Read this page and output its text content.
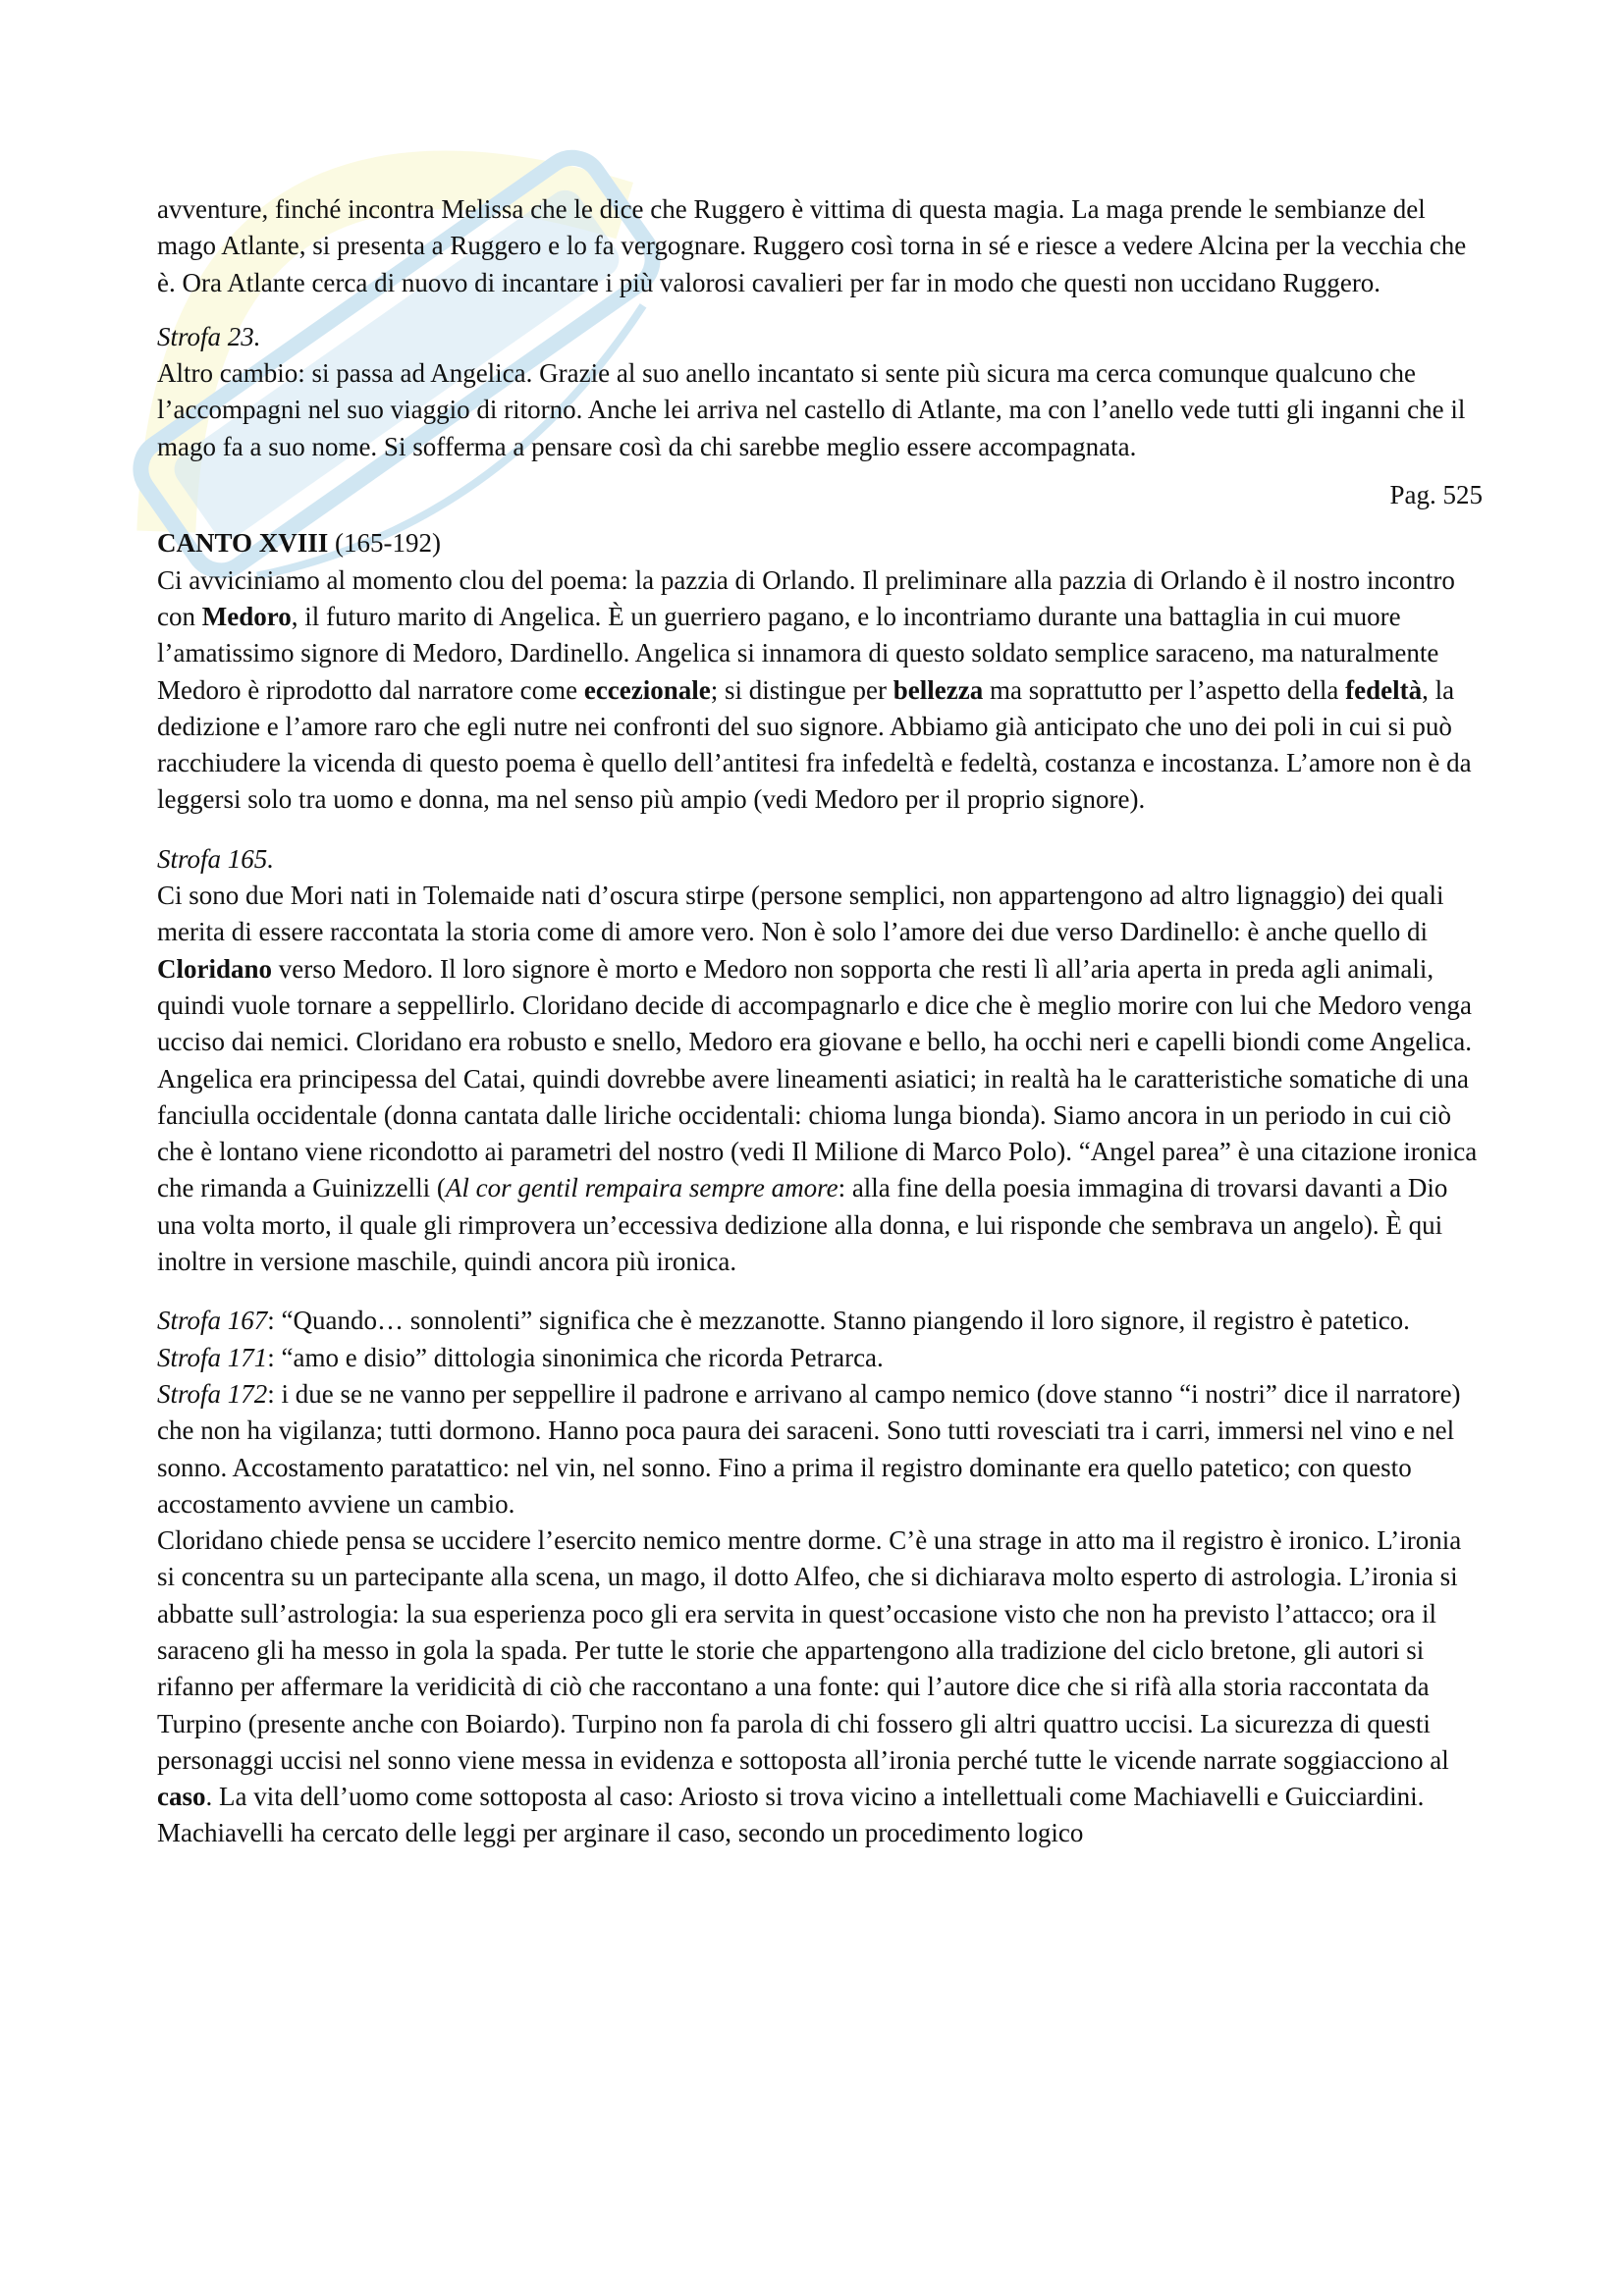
avventure, finché incontra Melissa che le dice che Ruggero è vittima di questa magia. La maga prende le sembianze del mago Atlante, si presenta a Ruggero e lo fa vergognare. Ruggero così torna in sé e riesce a vedere Alcina per la vecchia che è. Ora Atlante cerca di nuovo di incantare i più valorosi cavalieri per far in modo che questi non uccidano Ruggero.

Strofa 23.

Altro cambio: si passa ad Angelica. Grazie al suo anello incantato si sente più sicura ma cerca comunque qualcuno che l’accompagni nel suo viaggio di ritorno. Anche lei arriva nel castello di Atlante, ma con l’anello vede tutti gli inganni che il mago fa a suo nome. Si sofferma a pensare così da chi sarebbe meglio essere accompagnata.

Pag. 525

CANTO XVIII (165-192)

Ci avviciniamo al momento clou del poema: la pazzia di Orlando. Il preliminare alla pazzia di Orlando è il nostro incontro con Medoro, il futuro marito di Angelica. È un guerriero pagano, e lo incontriamo durante una battaglia in cui muore l’amatissimo signore di Medoro, Dardinello. Angelica si innamora di questo soldato semplice saraceno, ma naturalmente Medoro è riprodotto dal narratore come eccezionale; si distingue per bellezza ma soprattutto per l’aspetto della fedeltà, la dedizione e l’amore raro che egli nutre nei confronti del suo signore. Abbiamo già anticipato che uno dei poli in cui si può racchiudere la vicenda di questo poema è quello dell’antitesi fra infedeltà e fedeltà, costanza e incostanza. L’amore non è da leggersi solo tra uomo e donna, ma nel senso più ampio (vedi Medoro per il proprio signore).

Strofa 165.

Ci sono due Mori nati in Tolemaide nati d’oscura stirpe (persone semplici, non appartengono ad altro lignaggio) dei quali merita di essere raccontata la storia come di amore vero. Non è solo l’amore dei due verso Dardinello: è anche quello di Cloridano verso Medoro. Il loro signore è morto e Medoro non sopporta che resti lì all’aria aperta in preda agli animali, quindi vuole tornare a seppellirlo. Cloridano decide di accompagnarlo e dice che è meglio morire con lui che Medoro venga ucciso dai nemici. Cloridano era robusto e snello, Medoro era giovane e bello, ha occhi neri e capelli biondi come Angelica. Angelica era principessa del Catai, quindi dovrebbe avere lineamenti asiatici; in realtà ha le caratteristiche somatiche di una fanciulla occidentale (donna cantata dalle liriche occidentali: chioma lunga bionda). Siamo ancora in un periodo in cui ciò che è lontano viene ricondotto ai parametri del nostro (vedi Il Milione di Marco Polo). “Angel parea” è una citazione ironica che rimanda a Guinizzelli (Al cor gentil rempaira sempre amore: alla fine della poesia immagina di trovarsi davanti a Dio una volta morto, il quale gli rimprovera un’eccessiva dedizione alla donna, e lui risponde che sembrava un angelo). È qui inoltre in versione maschile, quindi ancora più ironica.

Strofa 167: “Quando… sonnolenti” significa che è mezzanotte. Stanno piangendo il loro signore, il registro è patetico.

Strofa 171: “amo e disio” dittologia sinonimica che ricorda Petrarca.

Strofa 172: i due se ne vanno per seppellire il padrone e arrivano al campo nemico (dove stanno “i nostri” dice il narratore) che non ha vigilanza; tutti dormono. Hanno poca paura dei saraceni. Sono tutti rovesciati tra i carri, immersi nel vino e nel sonno. Accostamento paratattico: nel vin, nel sonno. Fino a prima il registro dominante era quello patetico; con questo accostamento avviene un cambio.

Cloridano chiede pensa se uccidere l’esercito nemico mentre dorme. C’è una strage in atto ma il registro è ironico. L’ironia si concentra su un partecipante alla scena, un mago, il dotto Alfeo, che si dichiarava molto esperto di astrologia. L’ironia si abbatte sull’astrologia: la sua esperienza poco gli era servita in quest’occasione visto che non ha previsto l’attacco; ora il saraceno gli ha messo in gola la spada. Per tutte le storie che appartengono alla tradizione del ciclo bretone, gli autori si rifanno per affermare la veridicità di ciò che raccontano a una fonte: qui l’autore dice che si rifà alla storia raccontata da Turpino (presente anche con Boiardo). Turpino non fa parola di chi fossero gli altri quattro uccisi. La sicurezza di questi personaggi uccisi nel sonno viene messa in evidenza e sottoposta all’ironia perché tutte le vicende narrate soggiacciono al caso. La vita dell’uomo come sottoposta al caso: Ariosto si trova vicino a intellettuali come Machiavelli e Guicciardini. Machiavelli ha cercato delle leggi per arginare il caso, secondo un procedimento logico
